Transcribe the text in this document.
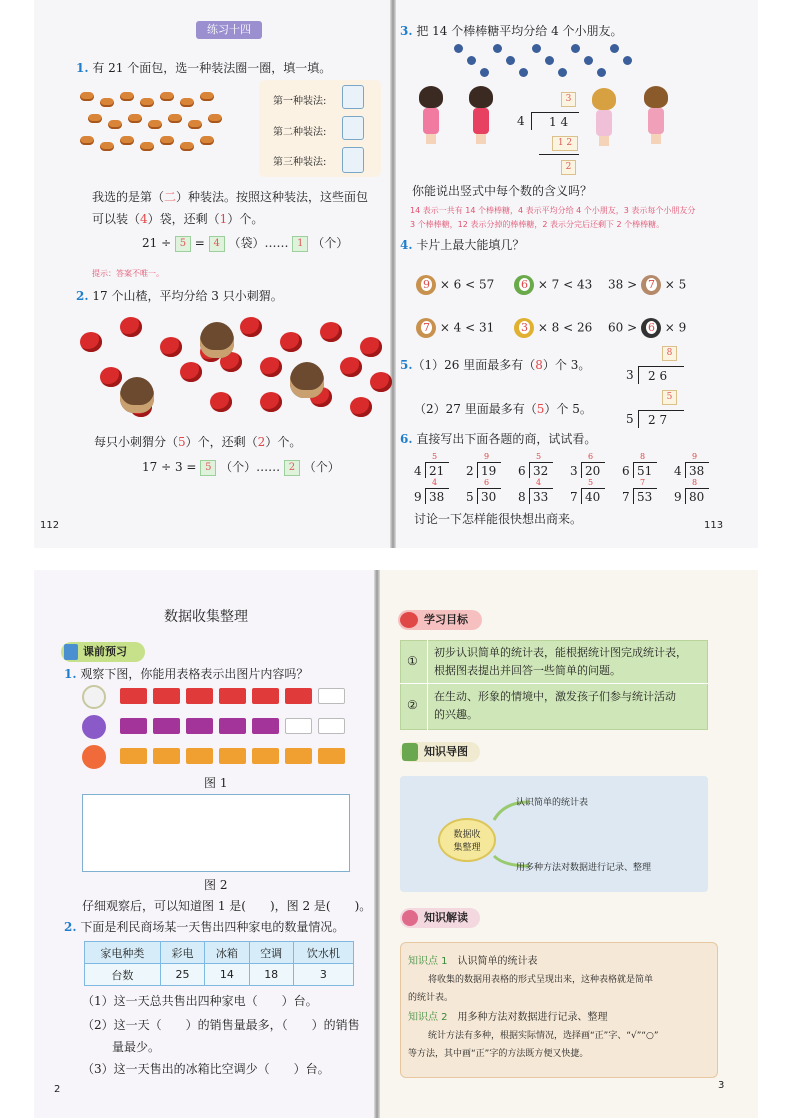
练习十四
1. 有 21 个面包，选一种装法圈一圈，填一填。
第一种装法:
第二种装法:
第三种装法:
我选的是第（二）种装法。按照这种装法，这些面包
可以装（4）袋，还剩（1）个。
21 ÷ 5 = 4 （袋）…… 1 （个）
提示：答案不唯一。
2. 17 个山楂，平均分给 3 只小刺猬。
每只小刺猬分（5）个，还剩（2）个。
17 ÷ 3 = 5 （个）…… 2 （个）
112
3. 把 14 个棒棒糖平均分给 4 个小朋友。
3
4 1 4
1 2
2
你能说出竖式中每个数的含义吗？
14 表示一共有 14 个棒棒糖，4 表示平均分给 4 个小朋友，3 表示每个小朋友分
3 个棒棒糖，12 表示分掉的棒棒糖，2 表示分完后还剩下 2 个棒棒糖。
4. 卡片上最大能填几？
9 × 6 < 57 6 × 7 < 43 38 > 7 × 5
7 × 4 < 31 3 × 8 < 26 60 > 6 × 9
5.（1）26 里面最多有（8）个 3。
（2）27 里面最多有（5）个 5。
8
3 2 6
5
5 2 7
6. 直接写出下面各题的商，试试看。
5
4 21
9
2 19
5
6 32
6
3 20
8
6 51
9
4 38
4
9 38
6
5 30
4
8 33
5
7 40
7
7 53
8
9 80
讨论一下怎样能很快想出商来。	113
数据收集整理
课前预习
1. 观察下图，你能用表格表示出图片内容吗？
图 1
图 2
仔细观察后，可以知道图 1 是(　　)，图 2 是(　　)。
2. 下面是利民商场某一天售出四种家电的数量情况。
家电种类	彩电	冰箱	空调	饮水机
台数	25	14	18	3
（1）这一天总共售出四种家电（　　）台。
（2）这一天（　　）的销售量最多，（　　）的销售
量最少。
（3）这一天售出的冰箱比空调少（　　）台。
2
学习目标
①
初步认识简单的统计表，能根据统计图完成统计表，
根据图表提出并回答一些简单的问题。
②
在生动、形象的情境中，激发孩子们参与统计活动
的兴趣。
知识导图
数据收
集整理
认识简单的统计表
用多种方法对数据进行记录、整理
知识解读
知识点 1　 认识简单的统计表
将收集的数据用表格的形式呈现出来，这种表格就是简单
的统计表。
知识点 2　 用多种方法对数据进行记录、整理
统计方法有多种，根据实际情况，选择画“正”字、“√”“○”
等方法，其中画“正”字的方法既方便又快捷。
3
